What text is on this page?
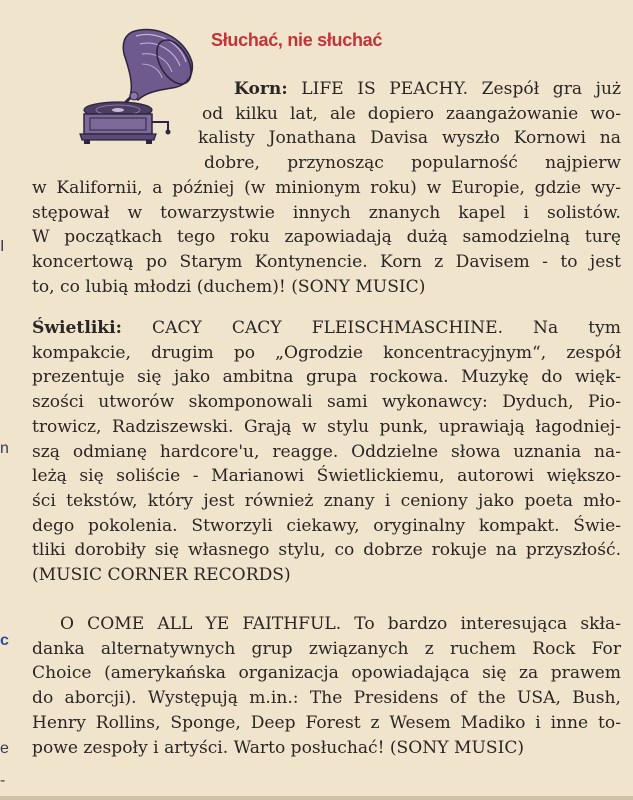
I
n
c
e
-
Słuchać, nie słuchać
Korn: LIFE IS PEACHY. Zespół gra już
od kilku lat, ale dopiero zaangażowanie wo-
kalisty Jonathana Davisa wyszło Kornowi na
dobre, przynosząc popularność najpierw
w Kalifornii, a później (w minionym roku) w Europie, gdzie wy-
stępował w towarzystwie innych znanych kapel i solistów.
W początkach tego roku zapowiadają dużą samodzielną turę
koncertową po Starym Kontynencie. Korn z Davisem - to jest
to, co lubią młodzi (duchem)! (SONY MUSIC)
Świetliki: CACY CACY FLEISCHMASCHINE. Na tym
kompakcie, drugim po „Ogrodzie koncentracyjnym“, zespół
prezentuje się jako ambitna grupa rockowa. Muzykę do więk-
szości utworów skomponowali sami wykonawcy: Dyduch, Pio-
trowicz, Radziszewski. Grają w stylu punk, uprawiają łagodniej-
szą odmianę hardcore'u, reagge. Oddzielne słowa uznania na-
leżą się soliście - Marianowi Świetlickiemu, autorowi większo-
ści tekstów, który jest również znany i ceniony jako poeta mło-
dego pokolenia. Stworzyli ciekawy, oryginalny kompakt. Świe-
tliki dorobiły się własnego stylu, co dobrze rokuje na przyszłość.
(MUSIC CORNER RECORDS)
O COME ALL YE FAITHFUL. To bardzo interesująca skła-
danka alternatywnych grup związanych z ruchem Rock For
Choice (amerykańska organizacja opowiadająca się za prawem
do aborcji). Występują m.in.: The Presidens of the USA, Bush,
Henry Rollins, Sponge, Deep Forest z Wesem Madiko i inne to-
powe zespoły i artyści. Warto posłuchać! (SONY MUSIC)
